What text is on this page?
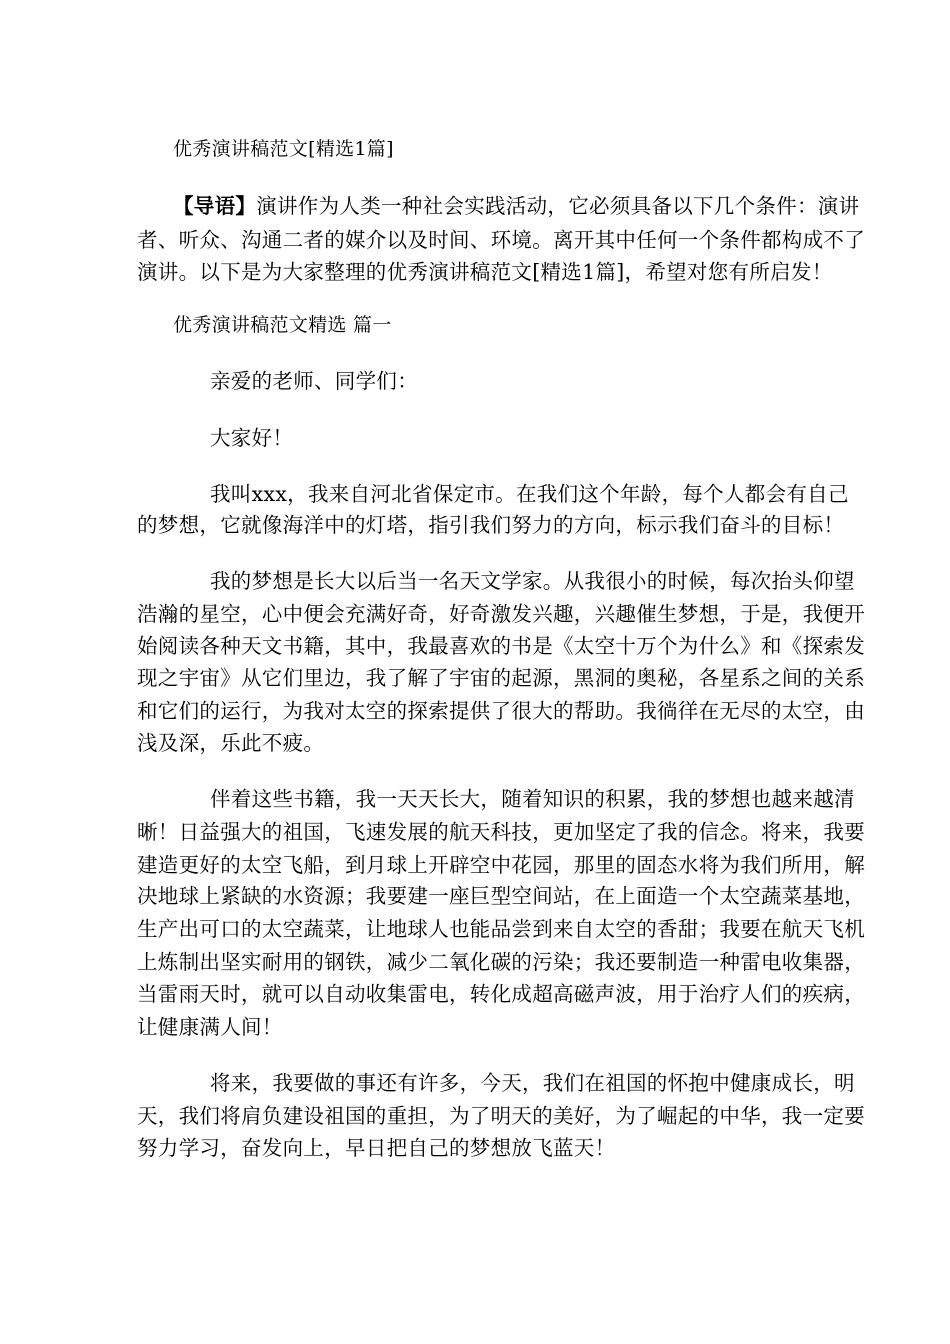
优秀演讲稿范文[精选1篇]
【导语】演讲作为人类一种社会实践活动，它必须具备以下几个条件：演讲
者、听众、沟通二者的媒介以及时间、环境。离开其中任何一个条件都构成不了
演讲。以下是为大家整理的优秀演讲稿范文[精选1篇]，希望对您有所启发！
优秀演讲稿范文精选 篇一
亲爱的老师、同学们：
大家好！
我叫xxx，我来自河北省保定市。在我们这个年龄，每个人都会有自己
的梦想，它就像海洋中的灯塔，指引我们努力的方向，标示我们奋斗的目标！
我的梦想是长大以后当一名天文学家。从我很小的时候，每次抬头仰望
浩瀚的星空，心中便会充满好奇，好奇激发兴趣，兴趣催生梦想，于是，我便开
始阅读各种天文书籍，其中，我最喜欢的书是《太空十万个为什么》和《探索发
现之宇宙》从它们里边，我了解了宇宙的起源，黑洞的奥秘，各星系之间的关系
和它们的运行，为我对太空的探索提供了很大的帮助。我徜徉在无尽的太空，由
浅及深，乐此不疲。
伴着这些书籍，我一天天长大，随着知识的积累，我的梦想也越来越清
晰！日益强大的祖国，飞速发展的航天科技，更加坚定了我的信念。将来，我要
建造更好的太空飞船，到月球上开辟空中花园，那里的固态水将为我们所用，解
决地球上紧缺的水资源；我要建一座巨型空间站，在上面造一个太空蔬菜基地，
生产出可口的太空蔬菜，让地球人也能品尝到来自太空的香甜；我要在航天飞机
上炼制出坚实耐用的钢铁，减少二氧化碳的污染；我还要制造一种雷电收集器，
当雷雨天时，就可以自动收集雷电，转化成超高磁声波，用于治疗人们的疾病，
让健康满人间！
将来，我要做的事还有许多，今天，我们在祖国的怀抱中健康成长，明
天，我们将肩负建设祖国的重担，为了明天的美好，为了崛起的中华，我一定要
努力学习，奋发向上，早日把自己的梦想放飞蓝天！
